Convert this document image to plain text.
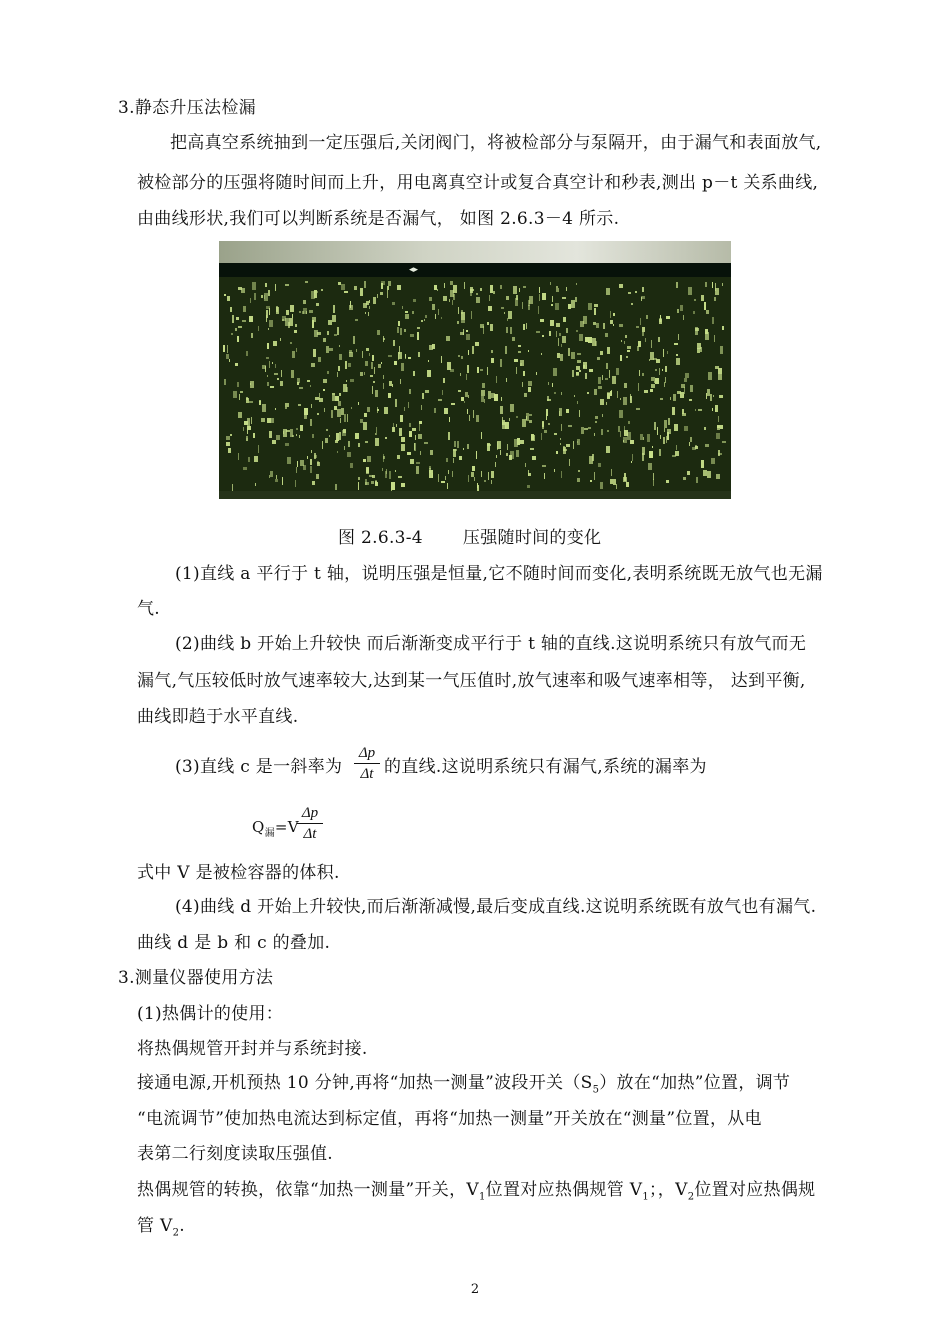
3.静态升压法检漏
把高真空系统抽到一定压强后,关闭阀门，将被检部分与泵隔开，由于漏气和表面放气,
被检部分的压强将随时间而上升，用电离真空计或复合真空计和秒表,测出 p－t 关系曲线,
由曲线形状,我们可以判断系统是否漏气， 如图 2.6.3－4 所示.
◂▸
图 2.6.3-4 压强随时间的变化
(1)直线 a 平行于 t 轴，说明压强是恒量,它不随时间而变化,表明系统既无放气也无漏
气.
(2)曲线 b 开始上升较快 而后渐渐变成平行于 t 轴的直线.这说明系统只有放气而无
漏气,气压较低时放气速率较大,达到某一气压值时,放气速率和吸气速率相等， 达到平衡,
曲线即趋于水平直线.
(3)直线 c 是一斜率为
Δp
Δt 的直线.这说明系统只有漏气,系统的漏率为
$Q_漏=V$
Δp
Δt
式中 V 是被检容器的体积.
(4)曲线 d 开始上升较快,而后渐渐减慢,最后变成直线.这说明系统既有放气也有漏气.
曲线 d 是 b 和 c 的叠加.
3.测量仪器使用方法
(1)热偶计的使用：
将热偶规管开封并与系统封接.
接通电源,开机预热 10 分钟,再将“加热一测量”波段开关$(S_5)$放在“加热”位置，调节
“电流调节”使加热电流达到标定值，再将“加热一测量”开关放在“测量”位置，从电
表第二行刻度读取压强值.
热偶规管的转换，依靠“加热一测量”开关，$V_1$位置对应热偶规管 $V_1$；，$V_2$位置对应热偶规
管 $V_2$.
2
